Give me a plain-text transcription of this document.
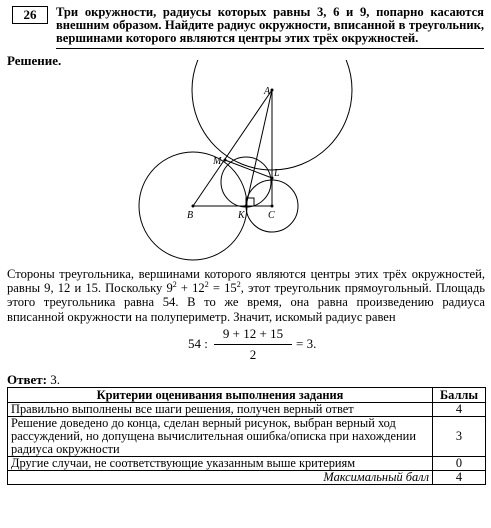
26	Три окружности, радиусы которых равны 3, 6 и 9, попарно касаются внешним образом. Найдите радиус окружности, вписанной в треугольник, вершинами которого являются центры этих трёх окружностей.
Решение.
A
B	C
M
K
L
Стороны треугольника, вершинами которого являются центры этих трёх окружностей, равны 9, 12 и 15. Поскольку $9^2 + 12^2 = 15^2$, этот треугольник прямоугольный. Площадь этого треугольника равна 54. В то же время, она равна произведению радиуса вписанной окружности на полупериметр. Значит, искомый радиус равен
54 :
9 + 12 + 15
2
= 3.
Ответ: 3.
Критерии оценивания выполнения задания	Баллы
Правильно выполнены все шаги решения, получен верный ответ	4
Решение доведено до конца, сделан верный рисунок, выбран верный ход рассуждений, но допущена вычислительная ошибка/описка при нахождении радиуса окружности	3
Другие случаи, не соответствующие указанным выше критериям	0
Максимальный балл	4
